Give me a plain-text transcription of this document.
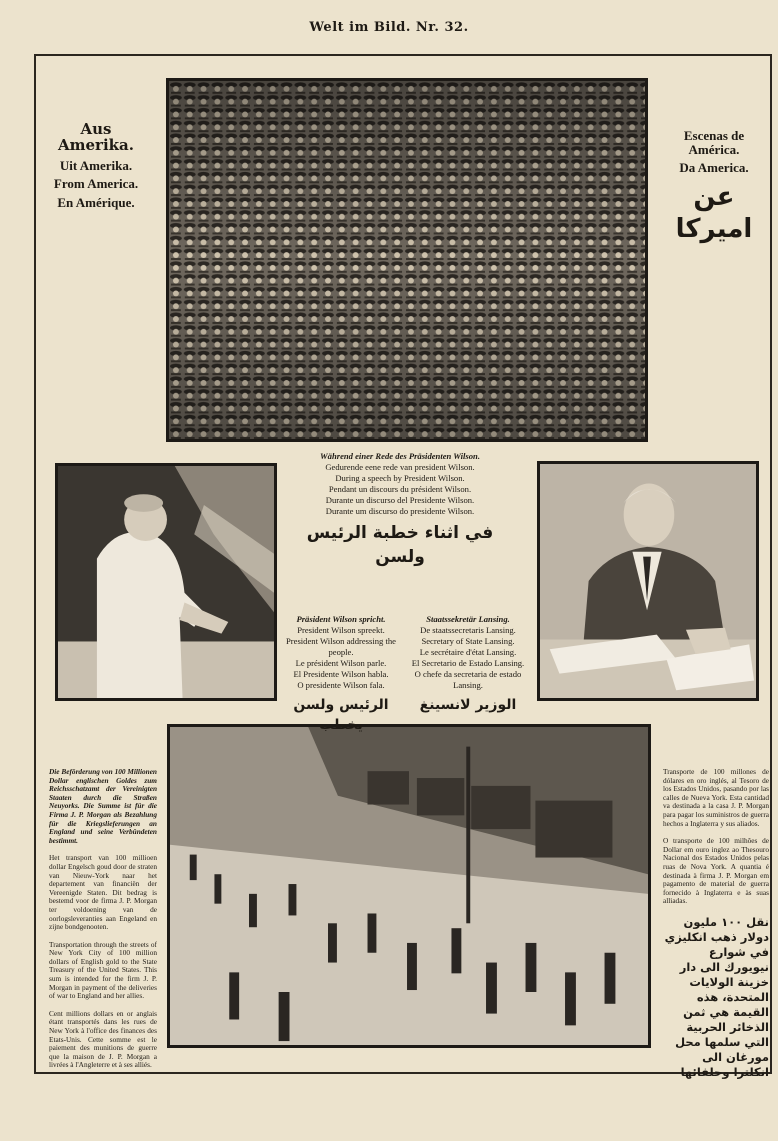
Welt im Bild. Nr. 32.
Aus Amerika.
Uit Amerika.
From America.
En Amérique.
Escenas de América.
Da America.
عن امیركا
Während einer Rede des Präsidenten Wilson.
Gedurende eene rede van president Wilson.
During a speech by President Wilson.
Pendant un discours du président Wilson.
Durante un discurso del Presidente Wilson.
Durante um discurso do presidente Wilson.
في اثناء خطبة الرئيس ولسن
Präsident Wilson spricht.
President Wilson spreekt.
President Wilson addressing the people.
Le président Wilson parle.
El Presidente Wilson habla.
O presidente Wilson fala.
الرئيس ولسن يخطب
Staatssekretär Lansing.
De staatssecretaris Lansing.
Secretary of State Lansing.
Le secrétaire d'état Lansing.
El Secretario de Estado Lansing.
O chefe da secretaria de estado Lansing.
الوزير لانسينغ

Die Beförderung von 100 Millionen Dollar englischen Goldes zum Reichsschatzamt der Vereinigten Staaten durch die Straßen Neuyorks. Die Summe ist für die Firma J. P. Morgan als Bezahlung für die Kriegslieferungen an England und seine Verbündeten bestimmt.

Het transport van 100 millioen dollar Engelsch goud door de straten van Nieuw-York naar het departement van financiën der Vereenigde Staten. Dit bedrag is bestemd voor de firma J. P. Morgan ter voldoening van de oorlogsleveranties aan Engeland en zijne bondgenooten.

Transportation through the streets of New York City of 100 million dollars of English gold to the State Treasury of the United States. This sum is intended for the firm J. P. Morgan in payment of the deliveries of war to England and her allies.

Cent millions dollars en or anglais étant transportés dans les rues de New York à l'office des finances des Etats-Unis. Cette somme est le paiement des munitions de guerre que la maison de J. P. Morgan a livrées à l'Angleterre et à ses alliés.

Transporte de 100 millones de dólares en oro inglés, al Tesoro de los Estados Unidos, pasando por las calles de Nueva York. Esta cantidad va destinada a la casa J. P. Morgan para pagar los suministros de guerra hechos a Inglaterra y sus aliados.

O transporte de 100 milhões de Dollar em ouro inglez ao Thesouro Nacional dos Estados Unidos pelas ruas de Nova York. A quantia é destinada à firma J. P. Morgan em pagamento de material de guerra fornecido à Inglaterra e às suas alliadas.

نقل ١٠٠ مليون دولار ذهب انكليزي في شوارع نيويورك الى دار خزينة الولايات المتحدة، هذه القيمة هي ثمن الذخائر الحربية التي سلمها محل مورغان الى انكلترا وحلفائها
